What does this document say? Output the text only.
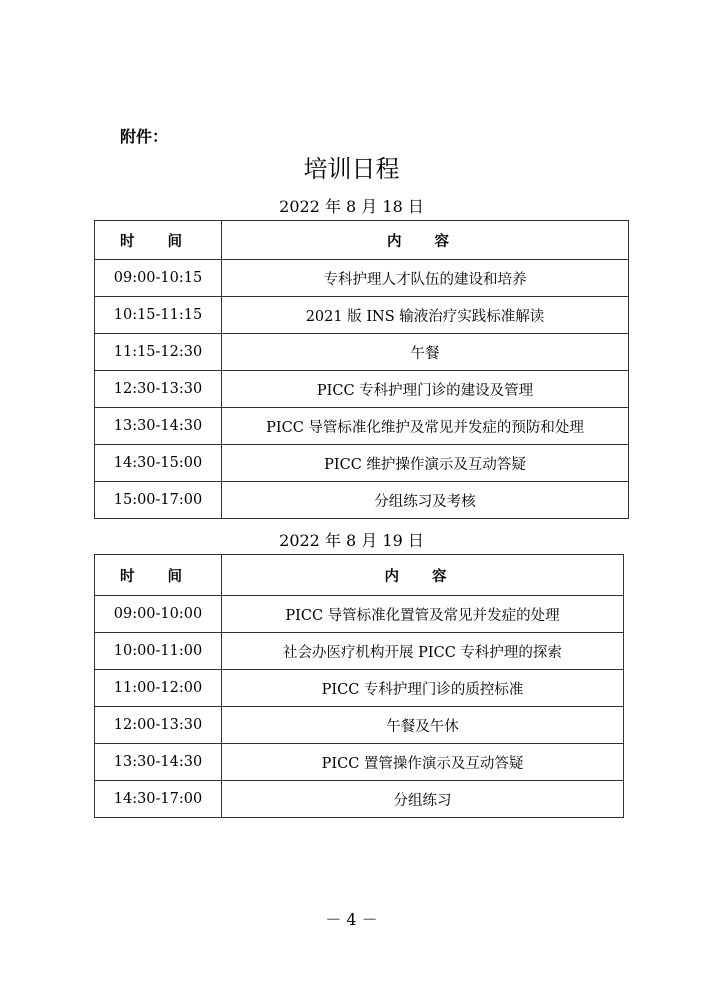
附件：
培训日程
2022 年 8 月 18 日
时 间	内 容
09:00-10:15	专科护理人才队伍的建设和培养
10:15-11:15	2021 版 INS 输液治疗实践标准解读
11:15-12:30	午餐
12:30-13:30	PICC 专科护理门诊的建设及管理
13:30-14:30	PICC 导管标准化维护及常见并发症的预防和处理
14:30-15:00	PICC 维护操作演示及互动答疑
15:00-17:00	分组练习及考核
2022 年 8 月 19 日
时 间	内 容
09:00-10:00	PICC 导管标准化置管及常见并发症的处理
10:00-11:00	社会办医疗机构开展 PICC 专科护理的探索
11:00-12:00	PICC 专科护理门诊的质控标准
12:00-13:30	午餐及午休
13:30-14:30	PICC 置管操作演示及互动答疑
14:30-17:00	分组练习
－ 4 －
